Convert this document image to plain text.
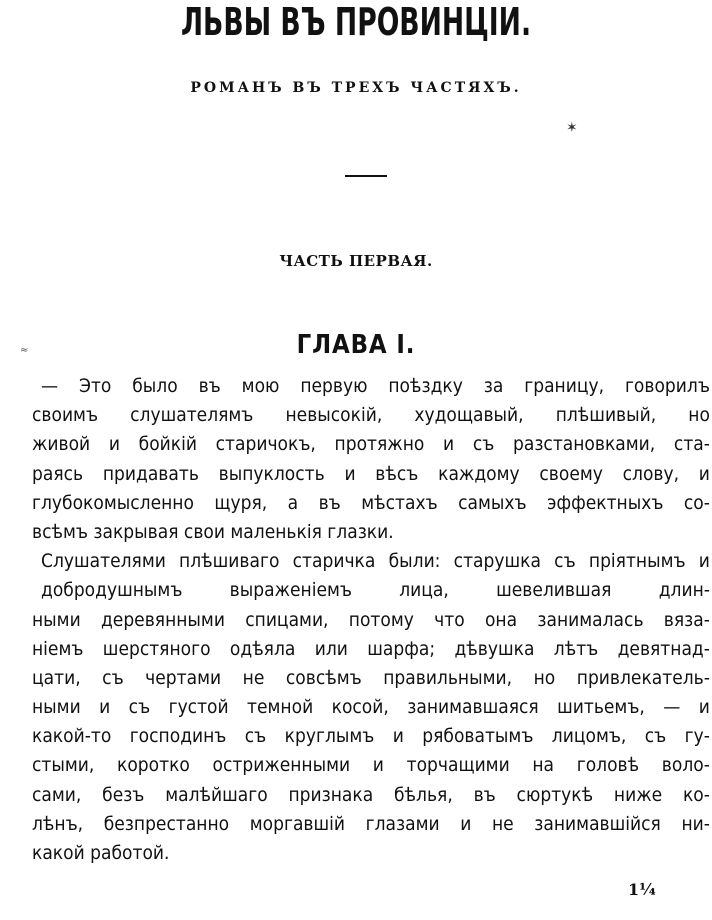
ЛЬВЫ ВЪ ПРОВИНЦІИ.
РОМАНЪ ВЪ ТРЕХЪ ЧАСТЯХЪ.
✶
ЧАСТЬ ПЕРВАЯ.
≈	ГЛАВА I.
— Это было въ мою первую поѣздку за границу, говорилъ
своимъ слушателямъ невысокій, худощавый, плѣшивый, но
живой и бойкій старичокъ, протяжно и съ разстановками, ста-
раясь придавать выпуклость и вѣсъ каждому своему слову, и
глубокомысленно щуря, а въ мѣстахъ самыхъ эффектныхъ со-
всѣмъ закрывая свои маленькія глазки.
Слушателями плѣшиваго старичка были: старушка съ пріятнымъ и добродушнымъ выраженіемъ лица, шевелившая длин-
ными деревянными спицами, потому что она занималась вяза-
ніемъ шерстяного одѣяла или шарфа; дѣвушка лѣтъ девятнад-
цати, съ чертами не совсѣмъ правильными, но привлекатель-
ными и съ густой темной косой, занимавшаяся шитьемъ, — и
какой-то господинъ съ круглымъ и рябоватымъ лицомъ, съ гу-
стыми, коротко остриженными и торчащими на головѣ воло-
сами, безъ малѣйшаго признака бѣлья, въ сюртукѣ ниже ко-
лѣнъ, безпрестанно моргавшій глазами и не занимавшійся ни-
какой работой.
1¼
